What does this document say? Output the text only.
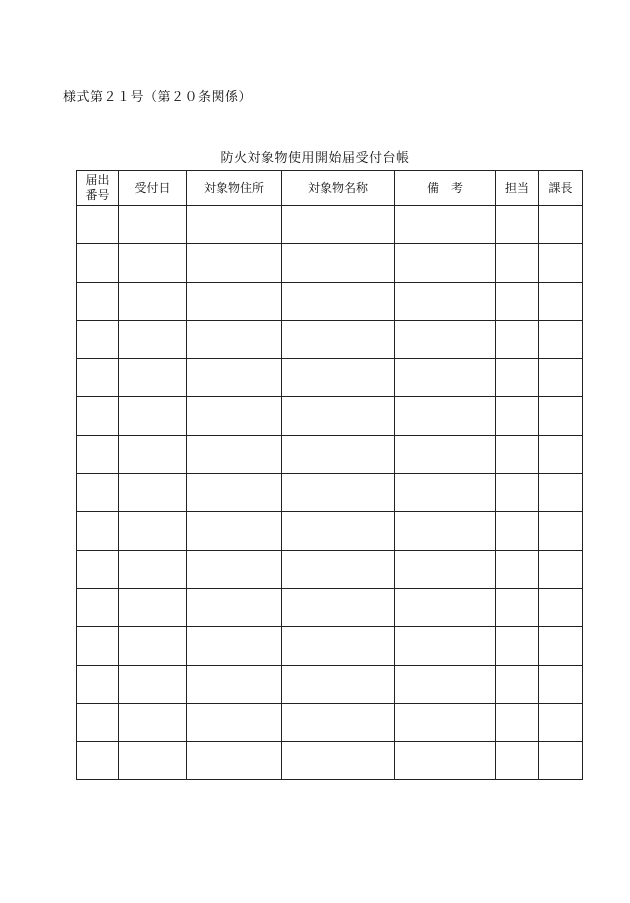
様式第２１号（第２０条関係）
防火対象物使用開始届受付台帳
届出番号	受付日	対象物住所	対象物名称	備　考	担当	課長
